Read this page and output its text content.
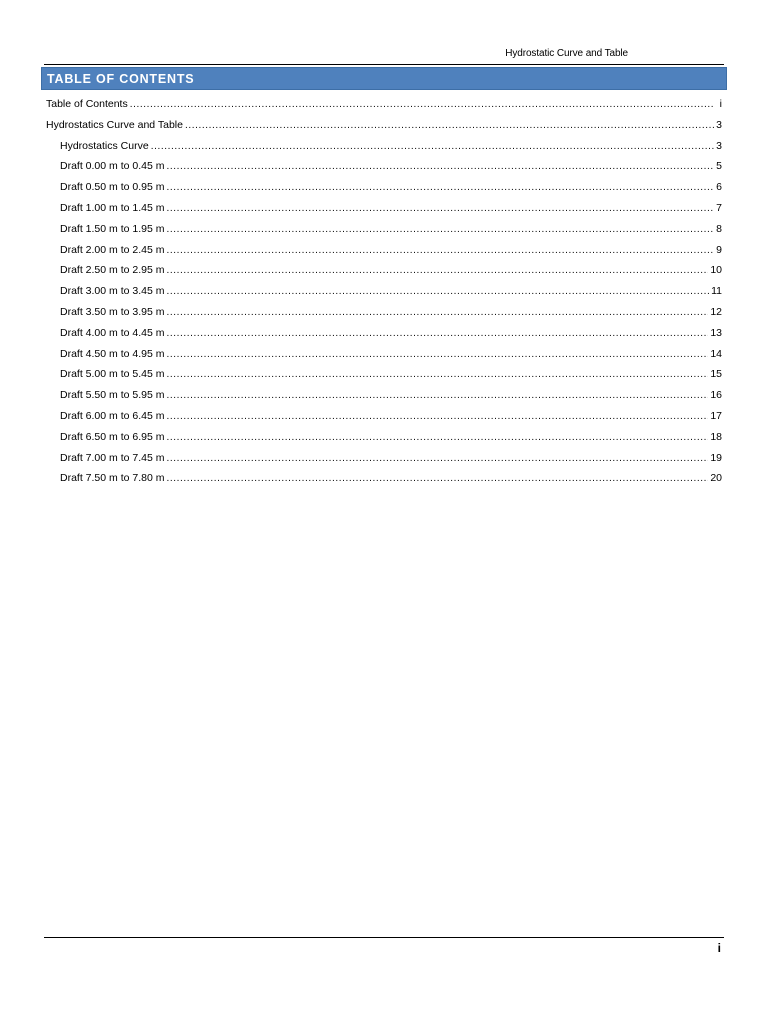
Hydrostatic Curve and Table
TABLE OF CONTENTS
Table of Contents .....	i
Hydrostatics Curve and Table .....	3
Hydrostatics Curve .....	3
Draft 0.00 m to 0.45 m .....	5
Draft 0.50 m to 0.95 m .....	6
Draft 1.00 m to 1.45 m .....	7
Draft 1.50 m to 1.95 m .....	8
Draft 2.00 m to 2.45 m .....	9
Draft 2.50 m to 2.95 m .....	10
Draft 3.00 m to 3.45 m .....	11
Draft 3.50 m to 3.95 m .....	12
Draft 4.00 m to 4.45 m .....	13
Draft 4.50 m to 4.95 m .....	14
Draft 5.00 m to 5.45 m .....	15
Draft 5.50 m to 5.95 m .....	16
Draft 6.00 m to 6.45 m .....	17
Draft 6.50 m to 6.95 m .....	18
Draft 7.00 m to 7.45 m .....	19
Draft 7.50 m to 7.80 m .....	20
i
